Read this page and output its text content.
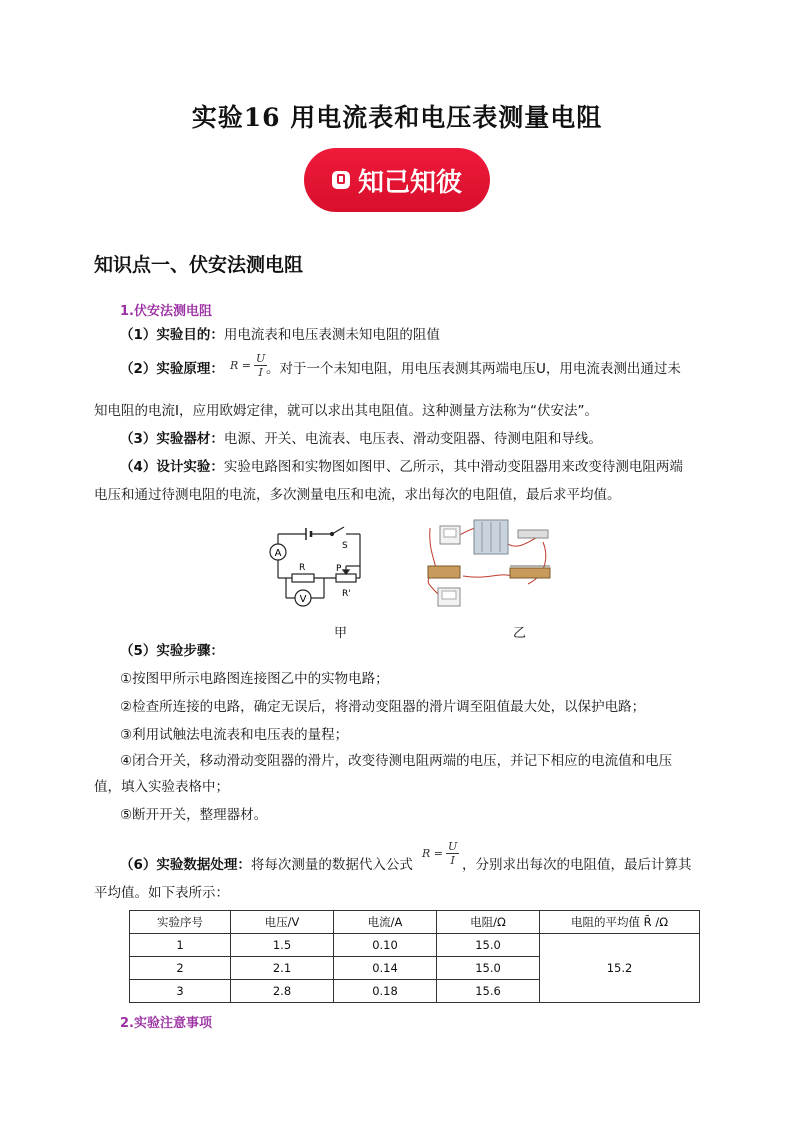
实验16 用电流表和电压表测量电阻
知己知彼
知识点一、伏安法测电阻
1.伏安法测电阻
（1）实验目的：用电流表和电压表测未知电阻的阻值
（2）实验原理： $R = \frac{U}{I}$
。对于一个未知电阻，用电压表测其两端电压U，用电流表测出通过未
知电阻的电流I，应用欧姆定律，就可以求出其电阻值。这种测量方法称为“伏安法”。
（3）实验器材：电源、开关、电流表、电压表、滑动变阻器、待测电阻和导线。
（4）设计实验：实验电路图和实物图如图甲、乙所示，其中滑动变阻器用来改变待测电阻两端
电压和通过待测电阻的电流，多次测量电压和电流，求出每次的电阻值，最后求平均值。
A
V
S
R	P
R'
甲	乙
（5）实验步骤：
①按图甲所示电路图连接图乙中的实物电路；
②检查所连接的电路，确定无误后，将滑动变阻器的滑片调至阻值最大处，以保护电路；
③利用试触法电流表和电压表的量程；
④闭合开关，移动滑动变阻器的滑片，改变待测电阻两端的电压，并记下相应的电流值和电压
值，填入实验表格中；
⑤断开开关，整理器材。
（6）实验数据处理：将每次测量的数据代入公式
$R = \frac{U}{I}$ ，分别求出每次的电阻值，最后计算其
平均值。如下表所示：
实验序号	电压/V	电流/A	电阻/Ω	电阻的平均值 R̄ /Ω
1	1.5	0.10	15.0	15.2
2	2.1	0.14	15.0	
3	2.8	0.18	15.6	
2.实验注意事项
